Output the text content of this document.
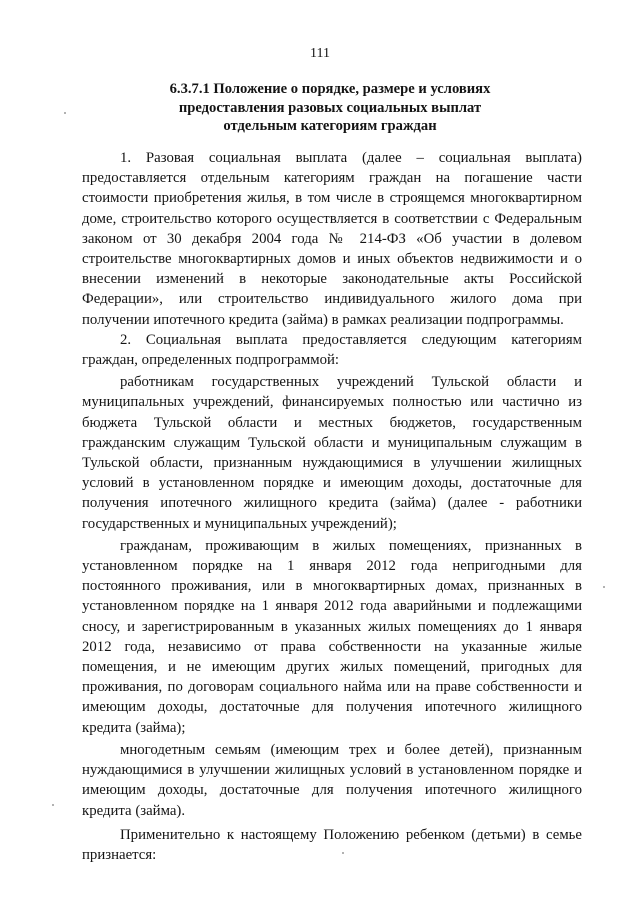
111
6.3.7.1 Положение о порядке, размере и условиях
предоставления разовых социальных выплат
отдельным категориям граждан

1. Разовая социальная выплата (далее – социальная выплата)
предоставляется отдельным категориям граждан на погашение части
стоимости приобретения жилья, в том числе в строящемся многоквартирном
доме, строительство которого осуществляется в соответствии с Федеральным
законом от 30 декабря 2004 года № 214-ФЗ «Об участии в долевом
строительстве многоквартирных домов и иных объектов недвижимости и о
внесении изменений в некоторые законодательные акты Российской
Федерации», или строительство индивидуального жилого дома при
получении ипотечного кредита (займа) в рамках реализации подпрограммы.

2. Социальная выплата предоставляется следующим категориям
граждан, определенных подпрограммой:

работникам государственных учреждений Тульской области и
муниципальных учреждений, финансируемых полностью или частично из
бюджета Тульской области и местных бюджетов, государственным
гражданским служащим Тульской области и муниципальным служащим в
Тульской области, признанным нуждающимися в улучшении жилищных
условий в установленном порядке и имеющим доходы, достаточные для
получения ипотечного жилищного кредита (займа) (далее - работники
государственных и муниципальных учреждений);

гражданам, проживающим в жилых помещениях, признанных в
установленном порядке на 1 января 2012 года непригодными для
постоянного проживания, или в многоквартирных домах, признанных в
установленном порядке на 1 января 2012 года аварийными и подлежащими
сносу, и зарегистрированным в указанных жилых помещениях до 1 января
2012 года, независимо от права собственности на указанные жилые
помещения, и не имеющим других жилых помещений, пригодных для
проживания, по договорам социального найма или на праве собственности и
имеющим доходы, достаточные для получения ипотечного жилищного
кредита (займа);

многодетным семьям (имеющим трех и более детей), признанным
нуждающимися в улучшении жилищных условий в установленном порядке и
имеющим доходы, достаточные для получения ипотечного жилищного
кредита (займа).

Применительно к настоящему Положению ребенком (детьми) в семье
признается:
